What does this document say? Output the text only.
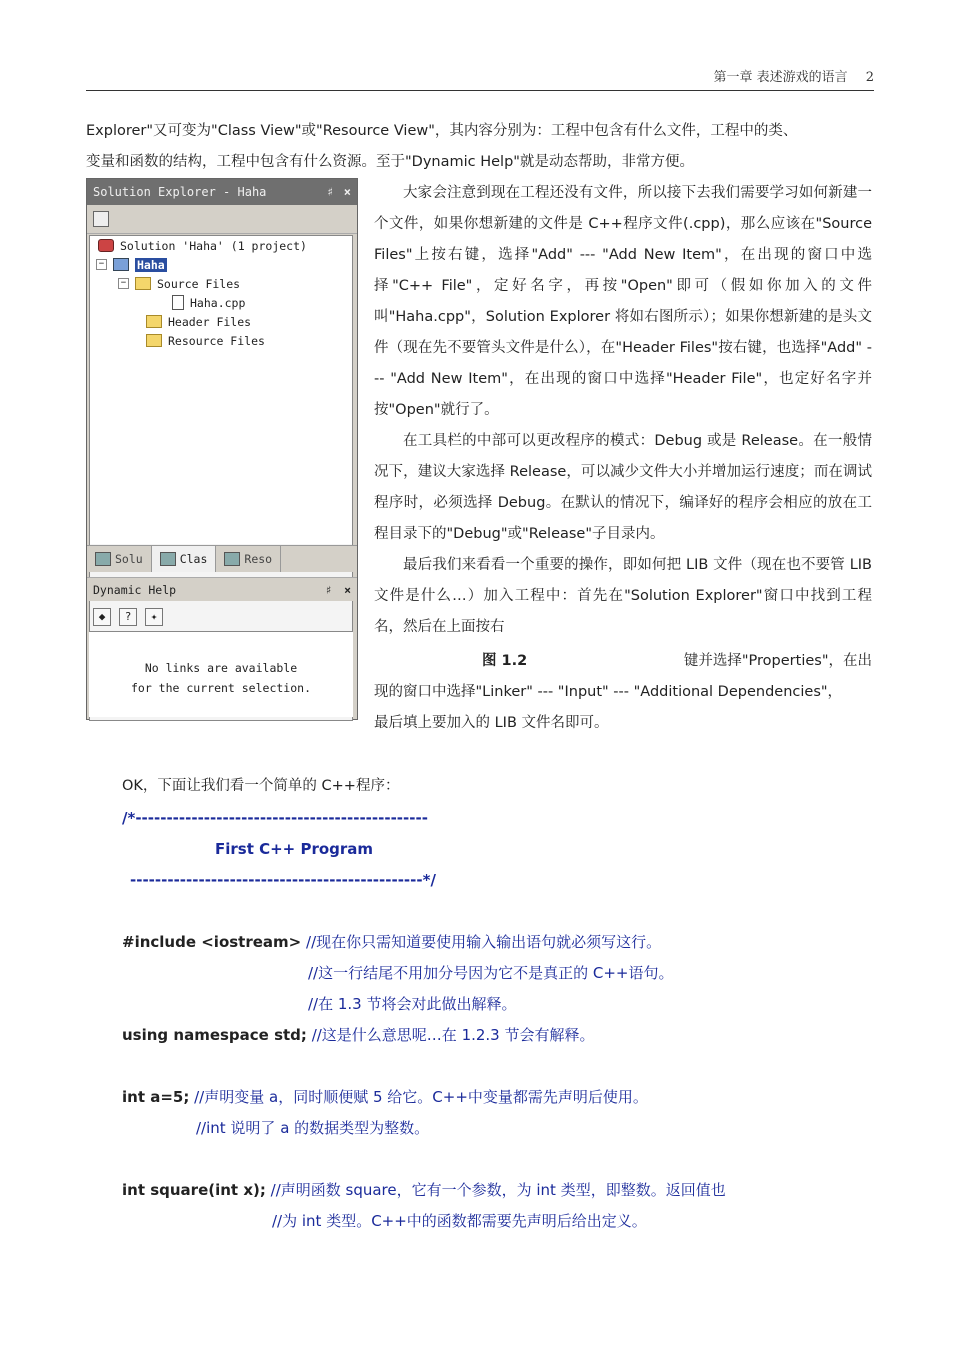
第一章 表述游戏的语言 2

Explorer"又可变为"Class View"或"Resource View"，其内容分别为：工程中包含有什么文件，工程中的类、

变量和函数的结构，工程中包含有什么资源。至于"Dynamic Help"就是动态帮助，非常方便。

Solution Explorer - Haha	♯ ×
Solution 'Haha' (1 project)
−	Haha
−	Source Files
Haha.cpp
Header Files
Resource Files
Solu	Clas	Reso
Dynamic Help	♯ ×
◆	?	✦
No links are available
for the current selection.

大家会注意到现在工程还没有文件，所以接下去我们需要学习如何新建一个文件，如果你想新建的文件是 C++程序文件(.cpp)，那么应该在"Source Files"上按右键，选择"Add" --- "Add New Item"，在出现的窗口中选择"C++ File"，定好名字，再按"Open"即可（假如你加入的文件叫"Haha.cpp"，Solution Explorer 将如右图所示）；如果你想新建的是头文件（现在先不要管头文件是什么），在"Header Files"按右键，也选择"Add" --- "Add New Item"，在出现的窗口中选择"Header File"，也定好名字并按"Open"就行了。

在工具栏的中部可以更改程序的模式：Debug 或是 Release。在一般情况下，建议大家选择 Release，可以减少文件大小并增加运行速度；而在调试程序时，必须选择 Debug。在默认的情况下，编译好的程序会相应的放在工程目录下的"Debug"或"Release"子目录内。

最后我们来看看一个重要的操作，即如何把 LIB 文件（现在也不要管 LIB 文件是什么…）加入工程中：首先在"Solution Explorer"窗口中找到工程名，然后在上面按右

图 1.2	键并选择"Properties"，在出

现的窗口中选择"Linker" --- "Input" --- "Additional Dependencies"，

最后填上要加入的 LIB 文件名即可。

OK，下面让我们看一个简单的 C++程序：
/*-----------------------------------------------
First C++ Program
-----------------------------------------------*/
#include <iostream> //现在你只需知道要使用输入输出语句就必须写这行。
//这一行结尾不用加分号因为它不是真正的 C++语句。
//在 1.3 节将会对此做出解释。
using namespace std; //这是什么意思呢…在 1.2.3 节会有解释。
int a=5; //声明变量 a，同时顺便赋 5 给它。C++中变量都需先声明后使用。
//int 说明了 a 的数据类型为整数。
int square(int x); //声明函数 square，它有一个参数，为 int 类型，即整数。返回值也
//为 int 类型。C++中的函数都需要先声明后给出定义。
